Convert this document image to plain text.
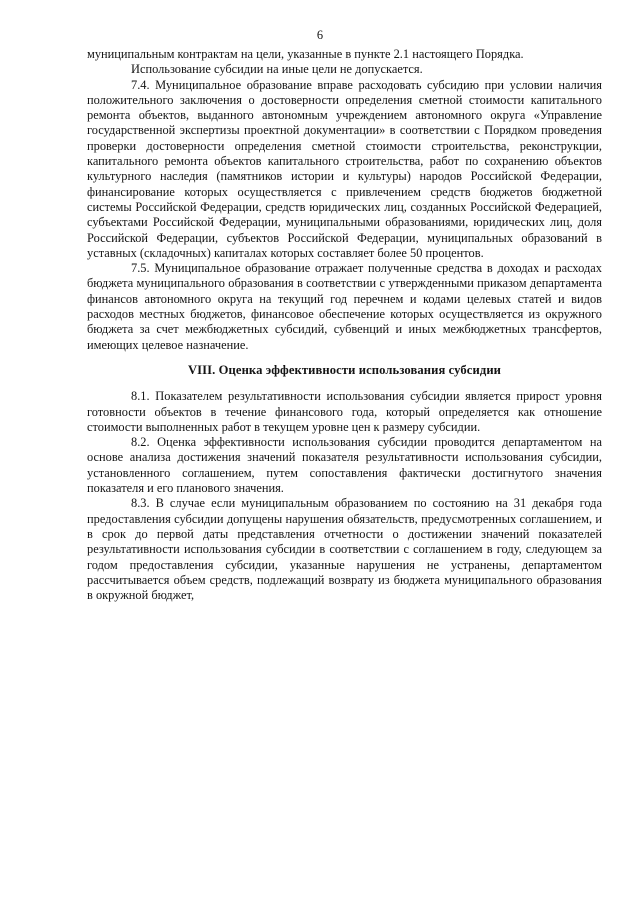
6

муниципальным контрактам на цели, указанные в пункте 2.1 настоящего Порядка.

Использование субсидии на иные цели не допускается.

7.4. Муниципальное образование вправе расходовать субсидию при условии наличия положительного заключения о достоверности определения сметной стоимости капитального ремонта объектов, выданного автономным учреждением автономного округа «Управление государственной экспертизы проектной документации» в соответствии с Порядком проведения проверки достоверности определения сметной стоимости строительства, реконструкции, капитального ремонта объектов капитального строительства, работ по сохранению объектов культурного наследия (памятников истории и культуры) народов Российской Федерации, финансирование которых осуществляется с привлечением средств бюджетов бюджетной системы Российской Федерации, средств юридических лиц, созданных Российской Федерацией, субъектами Российской Федерации, муниципальными образованиями, юридических лиц, доля Российской Федерации, субъектов Российской Федерации, муниципальных образований в уставных (складочных) капиталах которых составляет более 50 процентов.

7.5. Муниципальное образование отражает полученные средства в доходах и расходах бюджета муниципального образования в соответствии с утвержденными приказом департамента финансов автономного округа на текущий год перечнем и кодами целевых статей и видов расходов местных бюджетов, финансовое обеспечение которых осуществляется из окружного бюджета за счет межбюджетных субсидий, субвенций и иных межбюджетных трансфертов, имеющих целевое назначение.

VIII. Оценка эффективности использования субсидии

8.1. Показателем результативности использования субсидии является прирост уровня готовности объектов в течение финансового года, который определяется как отношение стоимости выполненных работ в текущем уровне цен к размеру субсидии.

8.2. Оценка эффективности использования субсидии проводится департаментом на основе анализа достижения значений показателя результативности использования субсидии, установленного соглашением, путем сопоставления фактически достигнутого значения показателя и его планового значения.

8.3. В случае если муниципальным образованием по состоянию на 31 декабря года предоставления субсидии допущены нарушения обязательств, предусмотренных соглашением, и в срок до первой даты представления отчетности о достижении значений показателей результативности использования субсидии в соответствии с соглашением в году, следующем за годом предоставления субсидии, указанные нарушения не устранены, департаментом рассчитывается объем средств, подлежащий возврату из бюджета муниципального образования в окружной бюджет,
